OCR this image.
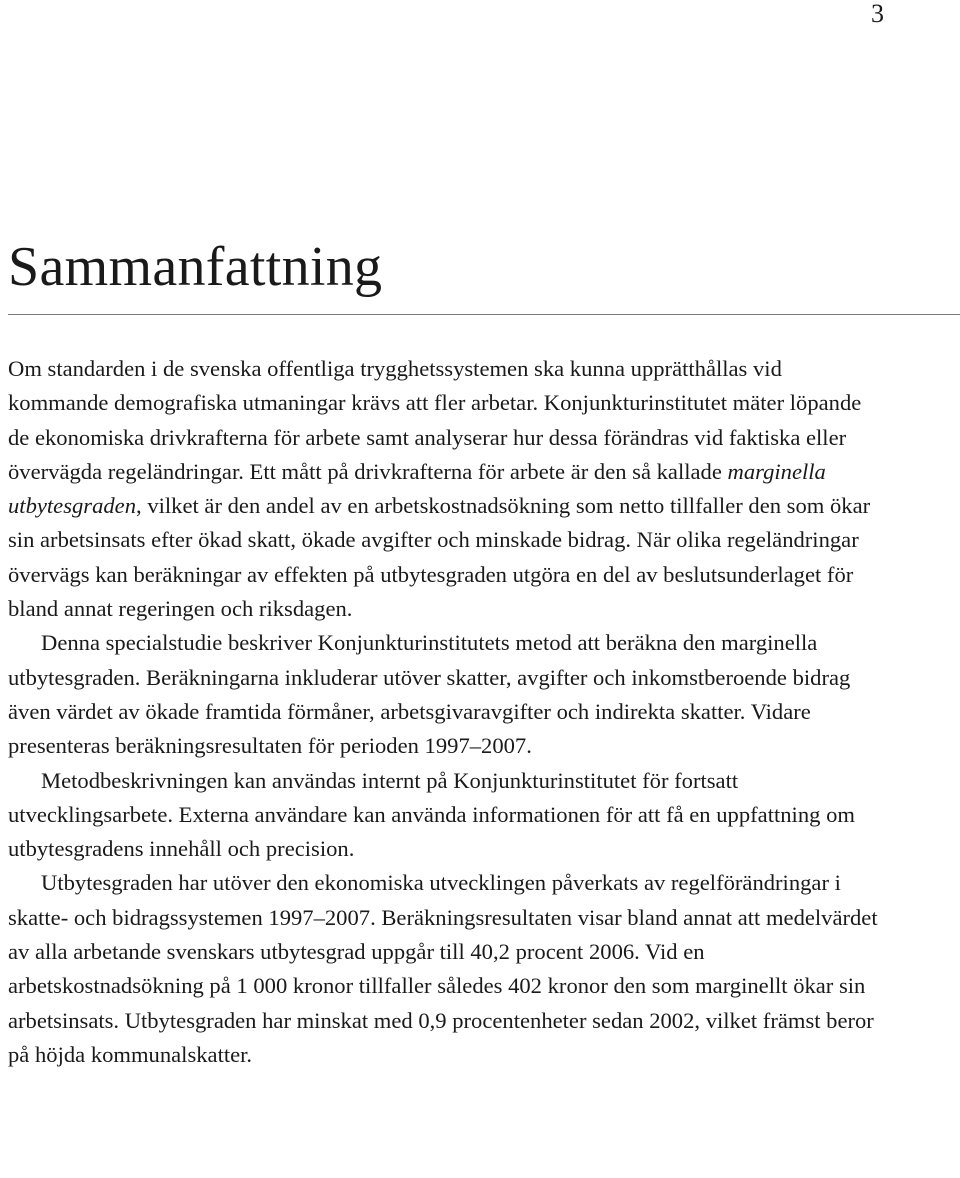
3
Sammanfattning

Om standarden i de svenska offentliga trygghetssystemen ska kunna upprätthållas vid kommande demografiska utmaningar krävs att fler arbetar. Konjunkturinstitutet mäter löpande de ekonomiska drivkrafterna för arbete samt analyserar hur dessa förändras vid faktiska eller övervägda regeländringar. Ett mått på drivkrafterna för arbete är den så kallade marginella utbytesgraden, vilket är den andel av en arbetskostnadsökning som netto tillfaller den som ökar sin arbetsinsats efter ökad skatt, ökade avgifter och minskade bidrag. När olika regeländringar övervägs kan beräkningar av effekten på utbytesgraden utgöra en del av beslutsunderlaget för bland annat regeringen och riksdagen.

Denna specialstudie beskriver Konjunkturinstitutets metod att beräkna den marginella utbytesgraden. Beräkningarna inkluderar utöver skatter, avgifter och inkomstberoende bidrag även värdet av ökade framtida förmåner, arbetsgivaravgifter och indirekta skatter. Vidare presenteras beräkningsresultaten för perioden 1997–2007.

Metodbeskrivningen kan användas internt på Konjunkturinstitutet för fortsatt utvecklingsarbete. Externa användare kan använda informationen för att få en uppfattning om utbytesgradens innehåll och precision.

Utbytesgraden har utöver den ekonomiska utvecklingen påverkats av regelförändringar i skatte- och bidragssystemen 1997–2007. Beräkningsresultaten visar bland annat att medelvärdet av alla arbetande svenskars utbytesgrad uppgår till 40,2 procent 2006. Vid en arbetskostnadsökning på 1 000 kronor tillfaller således 402 kronor den som marginellt ökar sin arbetsinsats. Utbytesgraden har minskat med 0,9 procentenheter sedan 2002, vilket främst beror på höjda kommunalskatter.
